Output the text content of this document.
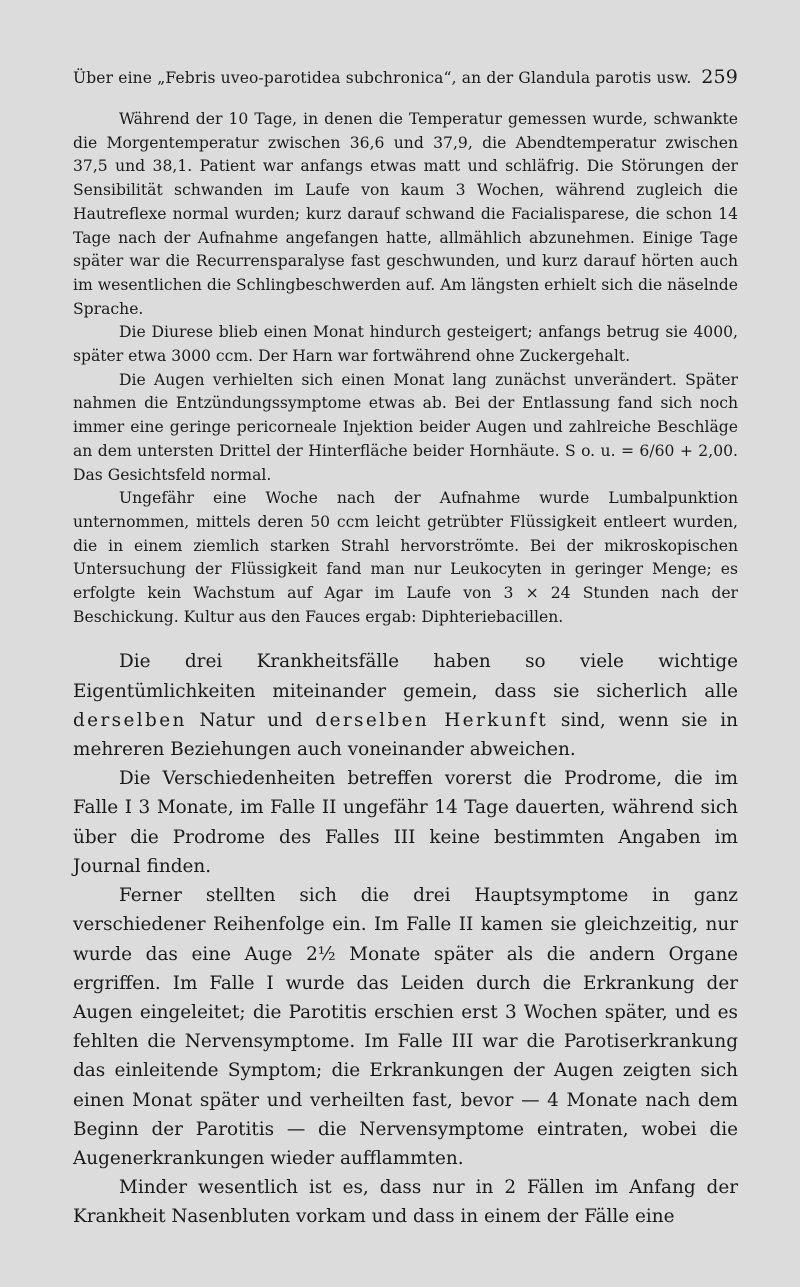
Über eine „Febris uveo-parotidea subchronica“, an der Glandula parotis usw. 259

Während der 10 Tage, in denen die Temperatur gemessen wurde, schwankte die Morgentemperatur zwischen 36,6 und 37,9, die Abendtemperatur zwischen 37,5 und 38,1. Patient war anfangs etwas matt und schläfrig. Die Störungen der Sensibilität schwanden im Laufe von kaum 3 Wochen, während zugleich die Hautreflexe normal wurden; kurz darauf schwand die Facialisparese, die schon 14 Tage nach der Aufnahme angefangen hatte, allmählich abzunehmen. Einige Tage später war die Recurrensparalyse fast geschwunden, und kurz darauf hörten auch im wesentlichen die Schlingbeschwerden auf. Am längsten erhielt sich die näselnde Sprache.

Die Diurese blieb einen Monat hindurch gesteigert; anfangs betrug sie 4000, später etwa 3000 ccm. Der Harn war fortwährend ohne Zuckergehalt.

Die Augen verhielten sich einen Monat lang zunächst unverändert. Später nahmen die Entzündungssymptome etwas ab. Bei der Entlassung fand sich noch immer eine geringe pericorneale Injektion beider Augen und zahlreiche Beschläge an dem untersten Drittel der Hinterfläche beider Hornhäute. S o. u. = 6/60 + 2,00. Das Gesichtsfeld normal.

Ungefähr eine Woche nach der Aufnahme wurde Lumbalpunktion unternommen, mittels deren 50 ccm leicht getrübter Flüssigkeit entleert wurden, die in einem ziemlich starken Strahl hervorströmte. Bei der mikroskopischen Untersuchung der Flüssigkeit fand man nur Leukocyten in geringer Menge; es erfolgte kein Wachstum auf Agar im Laufe von 3 × 24 Stunden nach der Beschickung. Kultur aus den Fauces ergab: Diphteriebacillen.

Die drei Krankheitsfälle haben so viele wichtige Eigentümlichkeiten miteinander gemein, dass sie sicherlich alle derselben Natur und derselben Herkunft sind, wenn sie in mehreren Beziehungen auch voneinander abweichen.

Die Verschiedenheiten betreffen vorerst die Prodrome, die im Falle I 3 Monate, im Falle II ungefähr 14 Tage dauerten, während sich über die Prodrome des Falles III keine bestimmten Angaben im Journal finden.

Ferner stellten sich die drei Hauptsymptome in ganz verschiedener Reihenfolge ein. Im Falle II kamen sie gleichzeitig, nur wurde das eine Auge 2½ Monate später als die andern Organe ergriffen. Im Falle I wurde das Leiden durch die Erkrankung der Augen eingeleitet; die Parotitis erschien erst 3 Wochen später, und es fehlten die Nervensymptome. Im Falle III war die Parotiserkrankung das einleitende Symptom; die Erkrankungen der Augen zeigten sich einen Monat später und verheilten fast, bevor — 4 Monate nach dem Beginn der Parotitis — die Nervensymptome eintraten, wobei die Augenerkrankungen wieder aufflammten.

Minder wesentlich ist es, dass nur in 2 Fällen im Anfang der Krankheit Nasenbluten vorkam und dass in einem der Fälle eine
